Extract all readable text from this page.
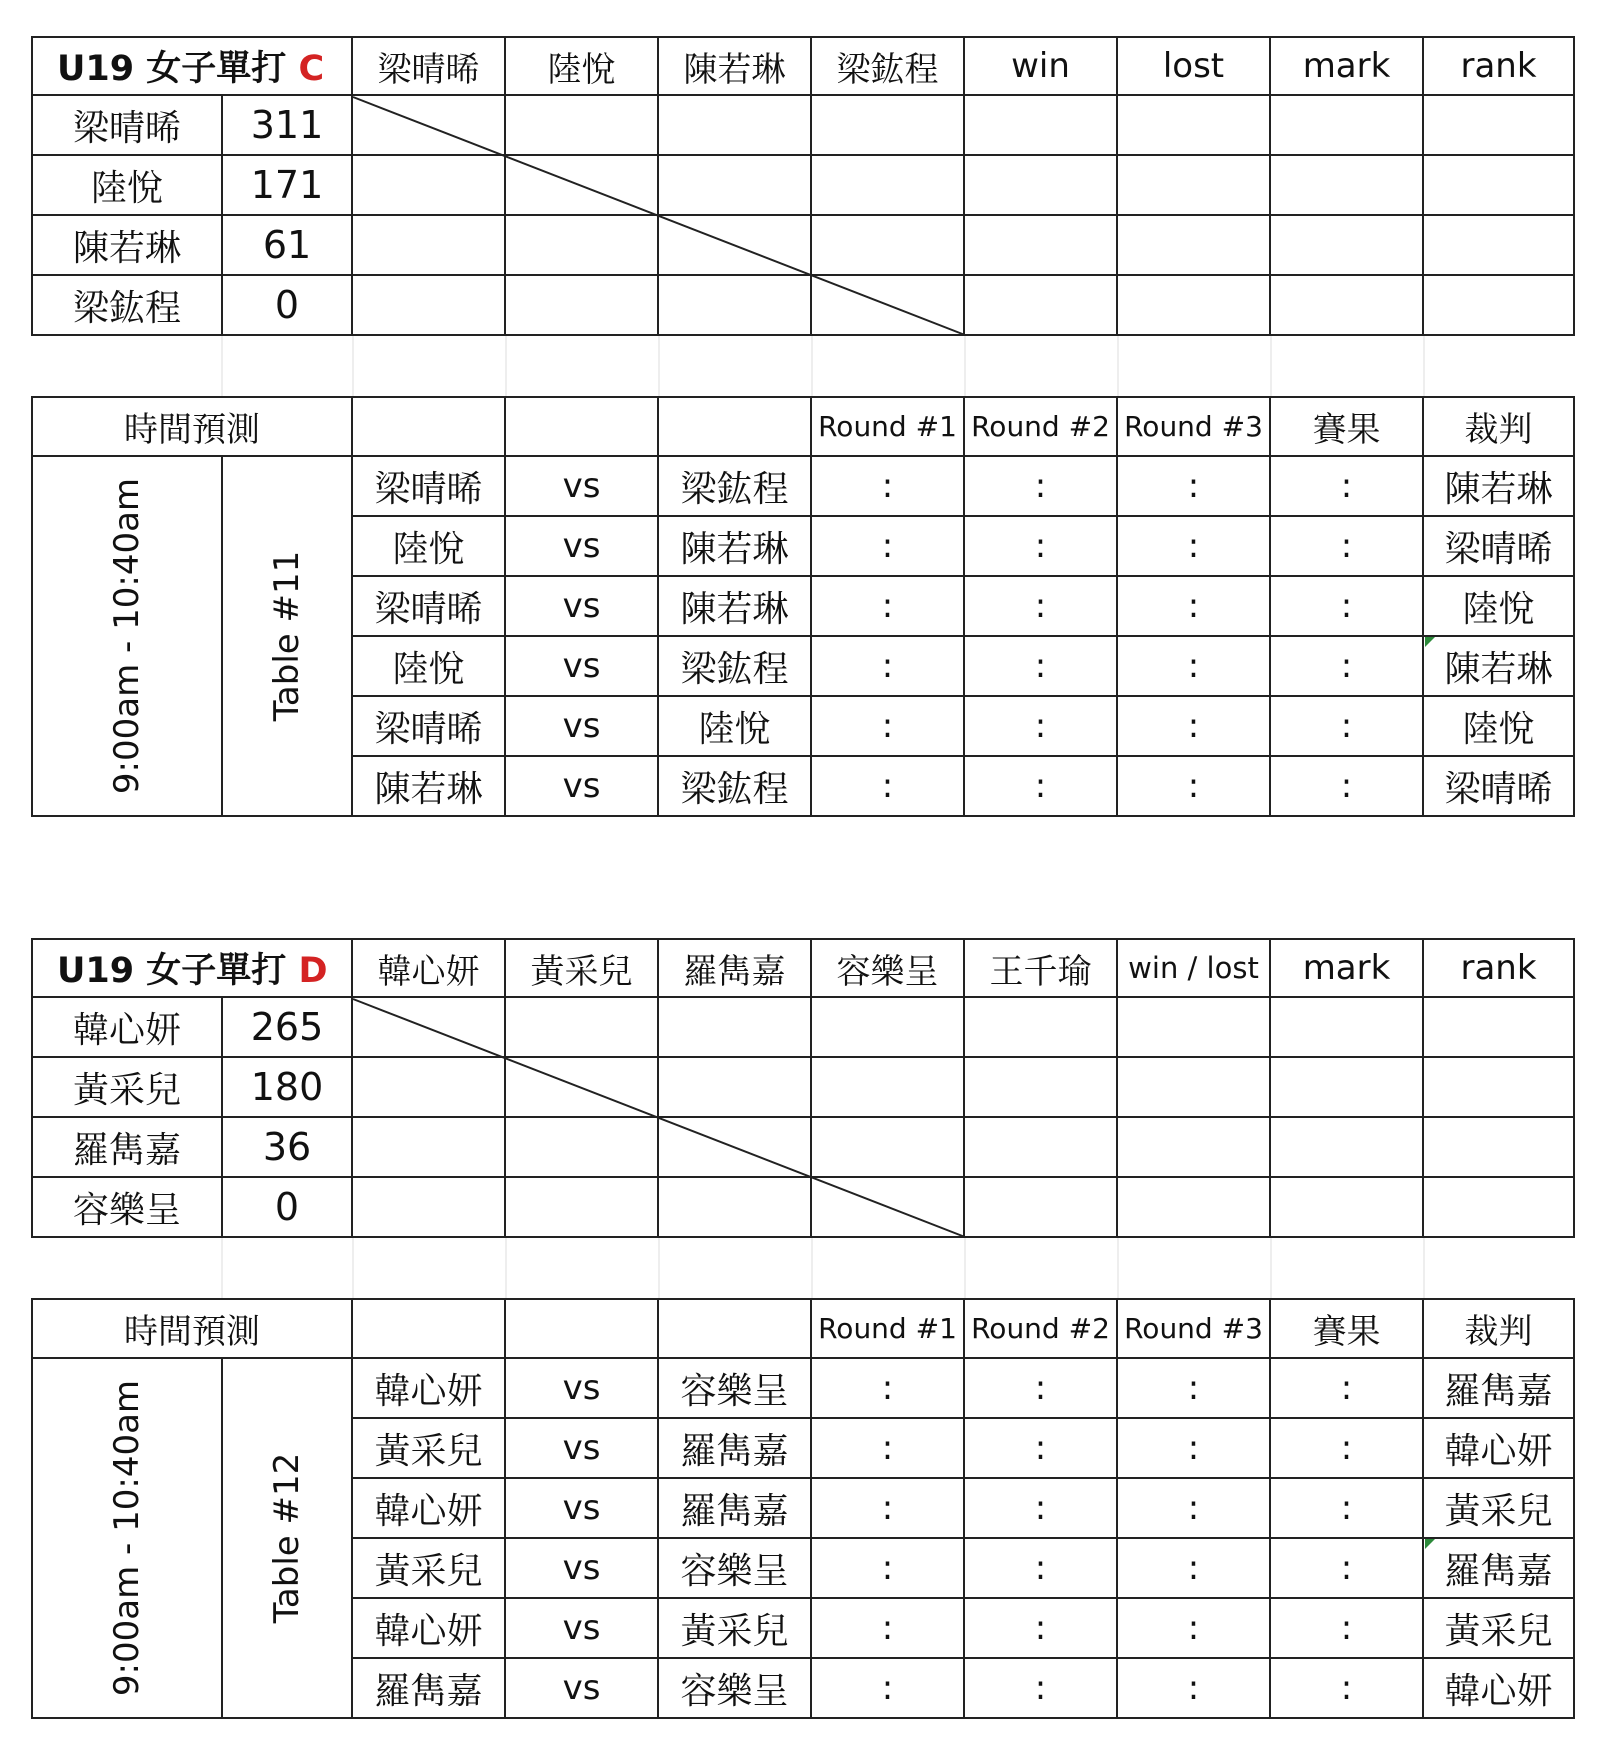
U19 女子單打 C		梁晴晞	陸悅	陳若琳	梁鈜程	win	lost	mark	rank
梁晴晞	311								
陸悅	171								
陳若琳	61								
梁鈜程	0								
時間預測					Round #1	Round #2	Round #3	賽果	裁判

9:00am - 10:40am	Table #11	梁晴晞	vs	梁鈜程	:	:	:	:	陳若琳
		陸悅	vs	陳若琳	:	:	:	:	梁晴晞
		梁晴晞	vs	陳若琳	:	:	:	:	陸悅
		陸悅	vs	梁鈜程	:	:	:	:	陳若琳
		梁晴晞	vs	陸悅	:	:	:	:	陸悅
		陳若琳	vs	梁鈜程	:	:	:	:	梁晴晞
U19 女子單打 D		韓心妍	黃采兒	羅雋嘉	容樂呈	王千瑜	win / lost	mark	rank
韓心妍	265								
黃采兒	180								
羅雋嘉	36								
容樂呈	0								
時間預測					Round #1	Round #2	Round #3	賽果	裁判

9:00am - 10:40am	Table #12	韓心妍	vs	容樂呈	:	:	:	:	羅雋嘉
		黃采兒	vs	羅雋嘉	:	:	:	:	韓心妍
		韓心妍	vs	羅雋嘉	:	:	:	:	黃采兒
		黃采兒	vs	容樂呈	:	:	:	:	羅雋嘉
		韓心妍	vs	黃采兒	:	:	:	:	黃采兒
		羅雋嘉	vs	容樂呈	:	:	:	:	韓心妍
